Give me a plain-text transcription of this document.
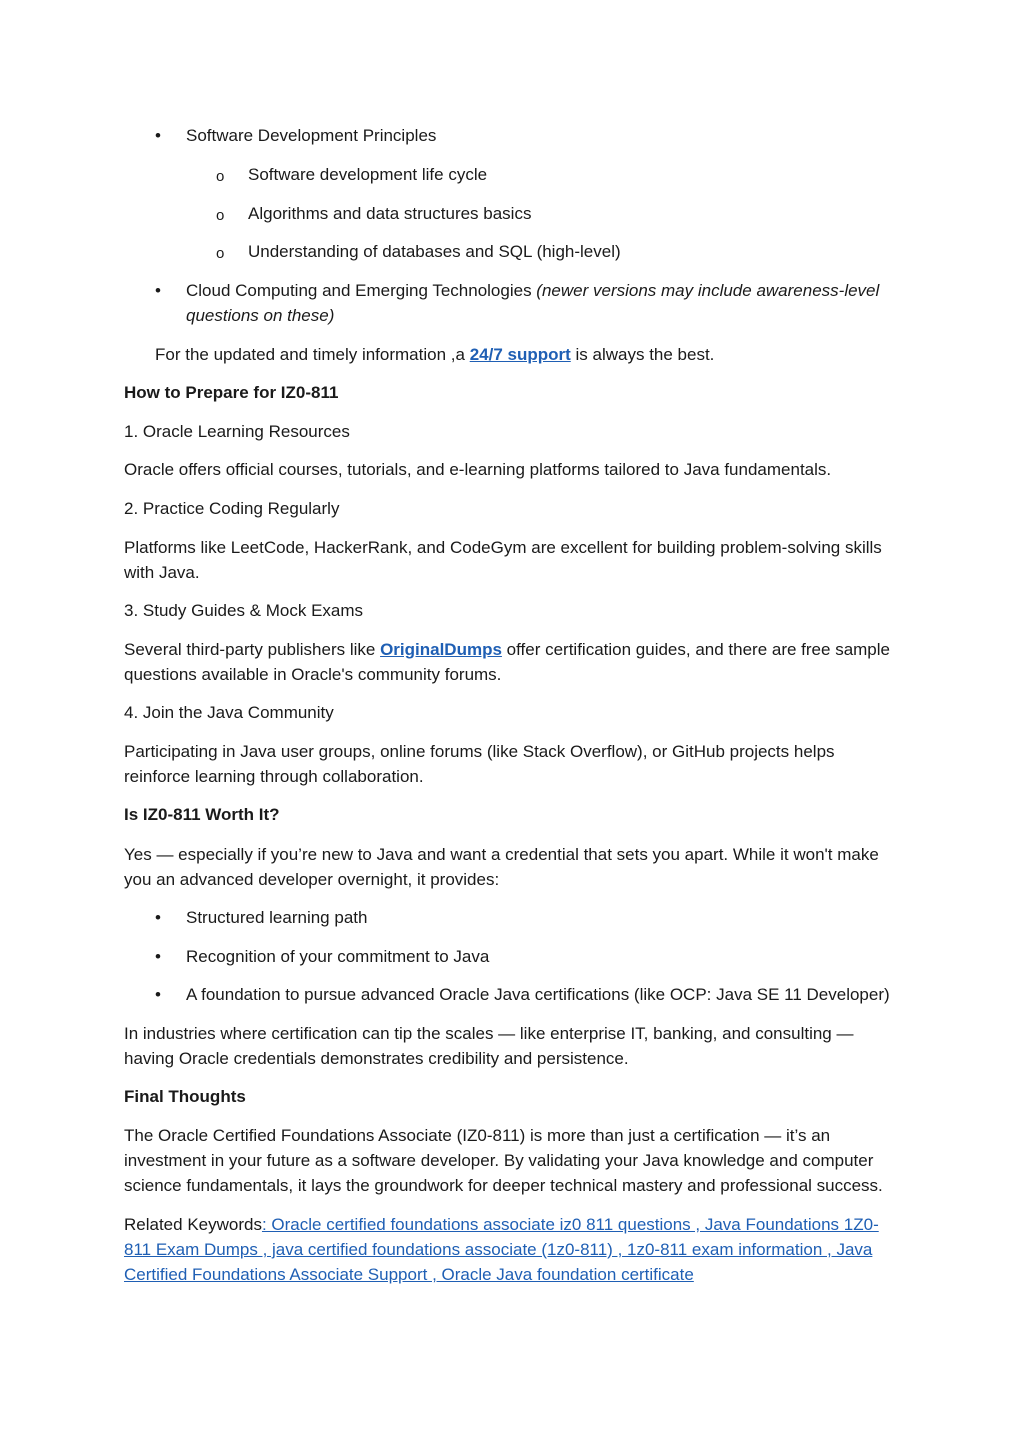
• Software Development Principles
o Software development life cycle
o Algorithms and data structures basics
o Understanding of databases and SQL (high-level)
• Cloud Computing and Emerging Technologies (newer versions may include awareness-level questions on these)
For the updated and timely information ,a 24/7 support is always the best.
How to Prepare for IZ0-811
1. Oracle Learning Resources
Oracle offers official courses, tutorials, and e-learning platforms tailored to Java fundamentals.
2. Practice Coding Regularly
Platforms like LeetCode, HackerRank, and CodeGym are excellent for building problem-solving skills with Java.
3. Study Guides & Mock Exams
Several third-party publishers like OriginalDumps offer certification guides, and there are free sample questions available in Oracle's community forums.
4. Join the Java Community
Participating in Java user groups, online forums (like Stack Overflow), or GitHub projects helps reinforce learning through collaboration.
Is IZ0-811 Worth It?
Yes — especially if you’re new to Java and want a credential that sets you apart. While it won't make you an advanced developer overnight, it provides:
• Structured learning path
• Recognition of your commitment to Java
• A foundation to pursue advanced Oracle Java certifications (like OCP: Java SE 11 Developer)
In industries where certification can tip the scales — like enterprise IT, banking, and consulting — having Oracle credentials demonstrates credibility and persistence.
Final Thoughts
The Oracle Certified Foundations Associate (IZ0-811) is more than just a certification — it’s an investment in your future as a software developer. By validating your Java knowledge and computer science fundamentals, it lays the groundwork for deeper technical mastery and professional success.
Related Keywords: Oracle certified foundations associate iz0 811 questions , Java Foundations 1Z0-811 Exam Dumps , java certified foundations associate (1z0-811) , 1z0-811 exam information , Java Certified Foundations Associate Support , Oracle Java foundation certificate
